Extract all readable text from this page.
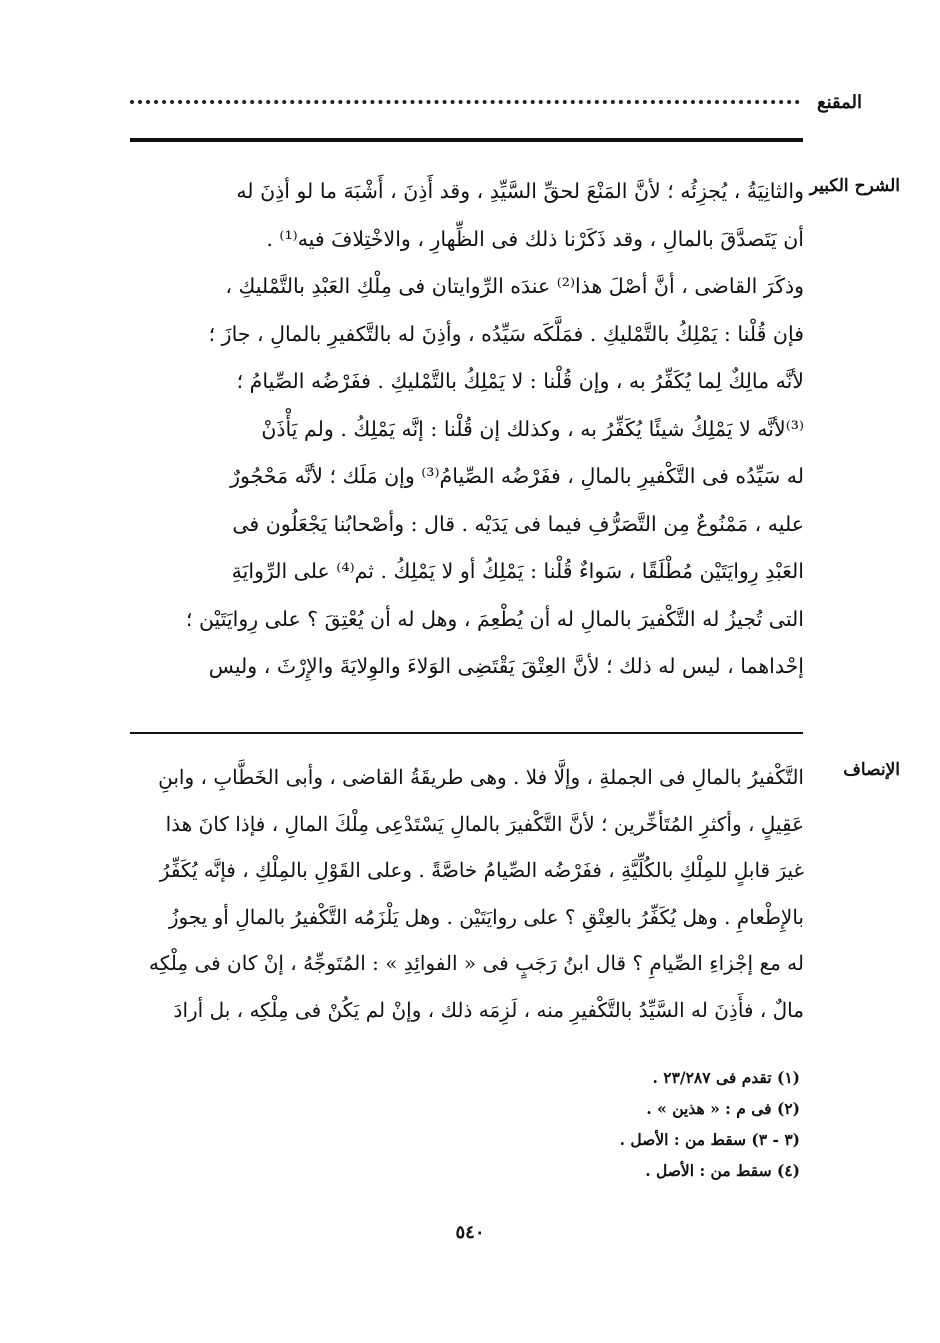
المقنع
الشرح الكبير
والثانِيَةُ ، يُجزِئُه ؛ لأنَّ المَنْعَ لحقِّ السَّيِّدِ ، وقد أَذِنَ ، أَشْبَهَ ما لو أذِنَ له
أن يَتَصدَّقَ بالمالِ ، وقد ذَكَرْنا ذلك فى الظِّهارِ ، والاخْتِلافَ فيه⁽¹⁾ .
وذكَرَ القاضى ، أنَّ أصْلَ هذا⁽²⁾ عندَه الرِّوايتان فى مِلْكِ العَبْدِ بالتَّمْليكِ ،
فإن قُلْنا : يَمْلِكُ بالتَّمْليكِ . فمَلَّكَه سَيِّدُه ، وأذِنَ له بالتَّكفيرِ بالمالِ ، جازَ ؛
لأنَّه مالِكٌ لِما يُكَفِّرُ به ، وإن قُلْنا : لا يَمْلِكُ بالتَّمْليكِ . ففَرْضُه الصِّيامُ ؛
⁽³⁾لأنَّه لا يَمْلِكُ شيئًا يُكَفِّرُ به ، وكذلك إن قُلْنا : إنَّه يَمْلِكُ . ولم يَأْذَنْ
له سَيِّدُه فى التَّكْفيرِ بالمالِ ، ففَرْضُه الصِّيامُ⁽³⁾ وإن مَلَك ؛ لأنَّه مَحْجُورٌ
عليه ، مَمْنُوعٌ مِن التَّصَرُّفِ فيما فى يَدَيْه . قال : وأصْحابُنا يَجْعَلُون فى
العَبْدِ رِوايَتَيْن مُطْلَقًا ، سَواءٌ قُلْنا : يَمْلِكُ أو لا يَمْلِكُ . ثم⁽⁴⁾ على الرِّوايَةِ
التى تُجيزُ له التَّكْفيرَ بالمالِ له أن يُطْعِمَ ، وهل له أن يُعْتِقَ ؟ على رِوايَتَيْن ؛
إحْداهما ، ليس له ذلك ؛ لأنَّ العِتْقَ يَقْتَضِى الوَلاءَ والوِلايَةَ والإِرْثَ ، وليس
الإنصاف
التَّكْفيرُ بالمالِ فى الجملةِ ، وإلَّا فلا . وهى طريقَةُ القاضى ، وأبى الخَطَّابِ ، وابنِ
عَقِيلٍ ، وأكثرِ المُتَأخِّرين ؛ لأنَّ التَّكْفيرَ بالمالِ يَسْتَدْعِى مِلْكَ المالِ ، فإذا كانَ هذا
غيرَ قابلٍ للمِلْكِ بالكُلِّيَّةِ ، ففَرْضُه الصِّيامُ خاصَّةً . وعلى القَوْلِ بالمِلْكِ ، فإنَّه يُكَفِّرُ
بالإِطْعامِ . وهل يُكَفِّرُ بالعِتْقِ ؟ على روايَتَيْن . وهل يَلْزَمُه التَّكْفيرُ بالمالِ أو يجوزُ
له مع إجْزاءِ الصِّيامِ ؟ قال ابنُ رَجَبٍ فى « الفوائِدِ » : المُتَوجِّهُ ، إنْ كان فى مِلْكِه
مالٌ ، فأَذِنَ له السَّيِّدُ بالتَّكْفيرِ منه ، لَزِمَه ذلك ، وإنْ لم يَكُنْ فى مِلْكِه ، بل أرادَ
(١) تقدم فى ٢٣/٢٨٧ .
(٢) فى م : « هذين » .
(٣ - ٣) سقط من : الأصل .
(٤) سقط من : الأصل .
٥٤٠
